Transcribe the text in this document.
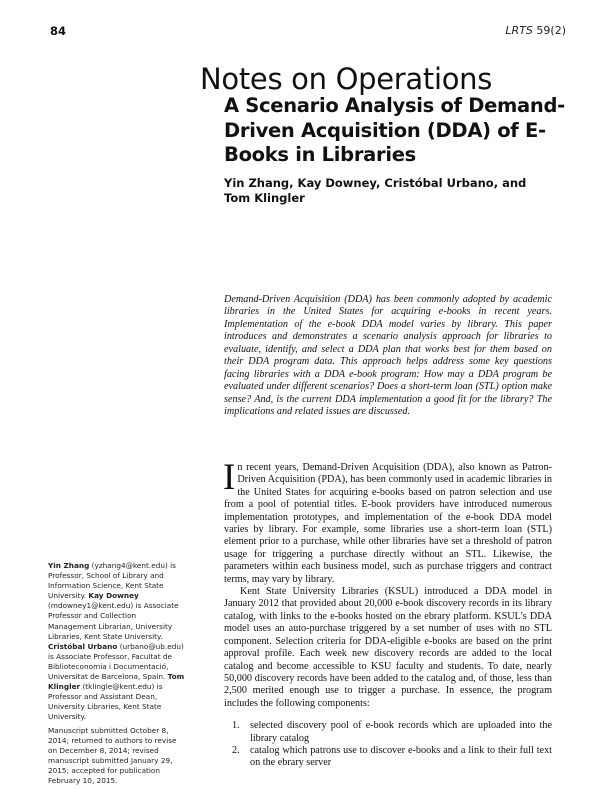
84	LRTS 59(2)
Notes on Operations
A Scenario Analysis of Demand-Driven Acquisition (DDA) of E-Books in Libraries
Yin Zhang, Kay Downey, Cristóbal Urbano, and Tom Klingler
Demand-Driven Acquisition (DDA) has been commonly adopted by academic libraries in the United States for acquiring e-books in recent years. Implementation of the e-book DDA model varies by library. This paper introduces and demonstrates a scenario analysis approach for libraries to evaluate, identify, and select a DDA plan that works best for them based on their DDA program data. This approach helps address some key questions facing libraries with a DDA e-book program: How may a DDA program be evaluated under different scenarios? Does a short-term loan (STL) option make sense? And, is the current DDA implementation a good fit for the library? The implications and related issues are discussed.

In recent years, Demand-Driven Acquisition (DDA), also known as Patron-Driven Acquisition (PDA), has been commonly used in academic libraries in the United States for acquiring e-books based on patron selection and use from a pool of potential titles. E-book providers have introduced numerous implementation prototypes, and implementation of the e-book DDA model varies by library. For example, some libraries use a short-term loan (STL) element prior to a purchase, while other libraries have set a threshold of patron usage for triggering a purchase directly without an STL. Likewise, the parameters within each business model, such as purchase triggers and contract terms, may vary by library.

Kent State University Libraries (KSUL) introduced a DDA model in January 2012 that provided about 20,000 e-book discovery records in its library catalog, with links to the e-books hosted on the ebrary platform. KSUL’s DDA model uses an auto-purchase triggered by a set number of uses with no STL component. Selection criteria for DDA-eligible e-books are based on the print approval profile. Each week new discovery records are added to the local catalog and become accessible to KSU faculty and students. To date, nearly 50,000 discovery records have been added to the catalog and, of those, less than 2,500 merited enough use to trigger a purchase. In essence, the program includes the following components:

1. selected discovery pool of e-book records which are uploaded into the library catalog
2. catalog which patrons use to discover e-books and a link to their full text on the ebrary server

Yin Zhang (yzhang4@kent.edu) is Professor, School of Library and Information Science, Kent State University. Kay Downey (mdowney1@kent.edu) is Associate Professor and Collection Management Librarian, University Libraries, Kent State University. Cristóbal Urbano (urbano@ub.edu) is Associate Professor, Facultat de Biblioteconomia i Documentació, Universitat de Barcelona, Spain. Tom Klingler (tklingle@kent.edu) is Professor and Assistant Dean, University Libraries, Kent State University.

Manuscript submitted October 8, 2014; returned to authors to revise on December 8, 2014; revised manuscript submitted January 29, 2015; accepted for publication February 10, 2015.
